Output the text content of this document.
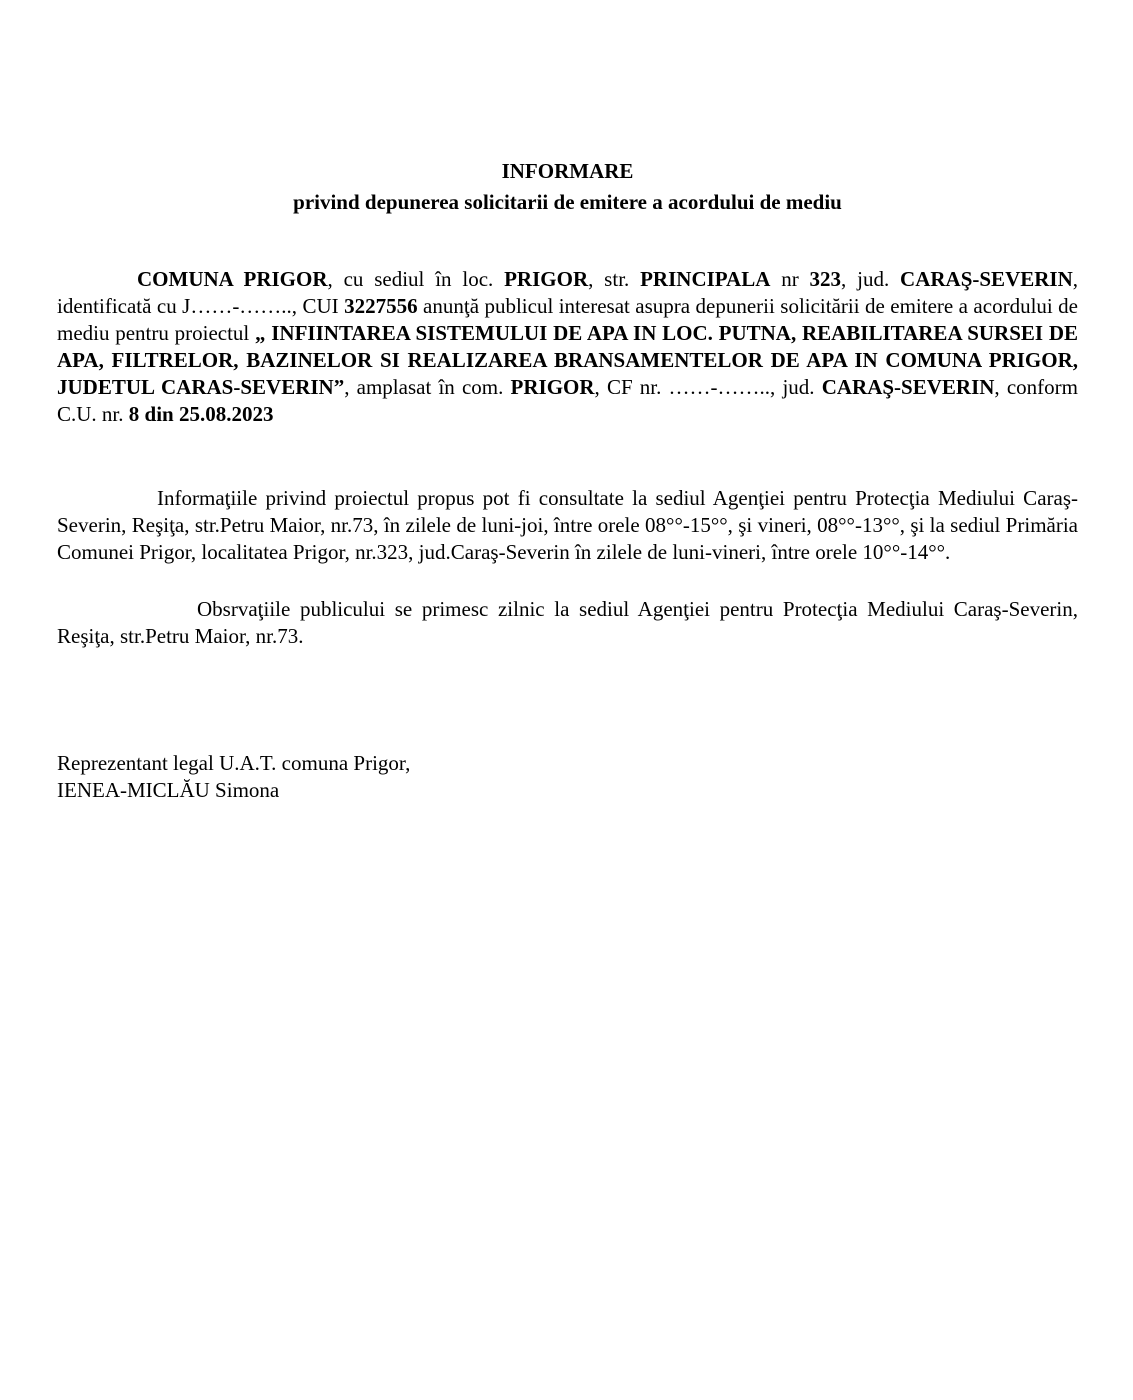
INFORMARE
privind depunerea solicitarii de emitere a acordului de mediu

COMUNA PRIGOR, cu sediul în loc. PRIGOR, str. PRINCIPALA nr 323, jud. CARAŞ-SEVERIN, identificată cu J……-…….., CUI 3227556 anunţă publicul interesat asupra depunerii solicitării de emitere a acordului de mediu pentru proiectul „ INFIINTAREA SISTEMULUI DE APA IN LOC. PUTNA, REABILITAREA SURSEI DE APA, FILTRELOR, BAZINELOR SI REALIZAREA BRANSAMENTELOR DE APA IN COMUNA PRIGOR, JUDETUL CARAS-SEVERIN”, amplasat în com. PRIGOR, CF nr. ……-…….., jud. CARAŞ-SEVERIN, conform C.U. nr. 8 din 25.08.2023

Informaţiile privind proiectul propus pot fi consultate la sediul Agenţiei pentru Protecţia Mediului Caraş-Severin, Reşiţa, str.Petru Maior, nr.73, în zilele de luni-joi, între orele 08°°-15°°, şi vineri, 08°°-13°°, şi la sediul Primăria Comunei Prigor, localitatea Prigor, nr.323, jud.Caraş-Severin în zilele de luni-vineri, între orele 10°°-14°°.

Obsrvaţiile publicului se primesc zilnic la sediul Agenţiei pentru Protecţia Mediului Caraş-Severin, Reşiţa, str.Petru Maior, nr.73.

Reprezentant legal U.A.T. comuna Prigor,
IENEA-MICLĂU Simona
